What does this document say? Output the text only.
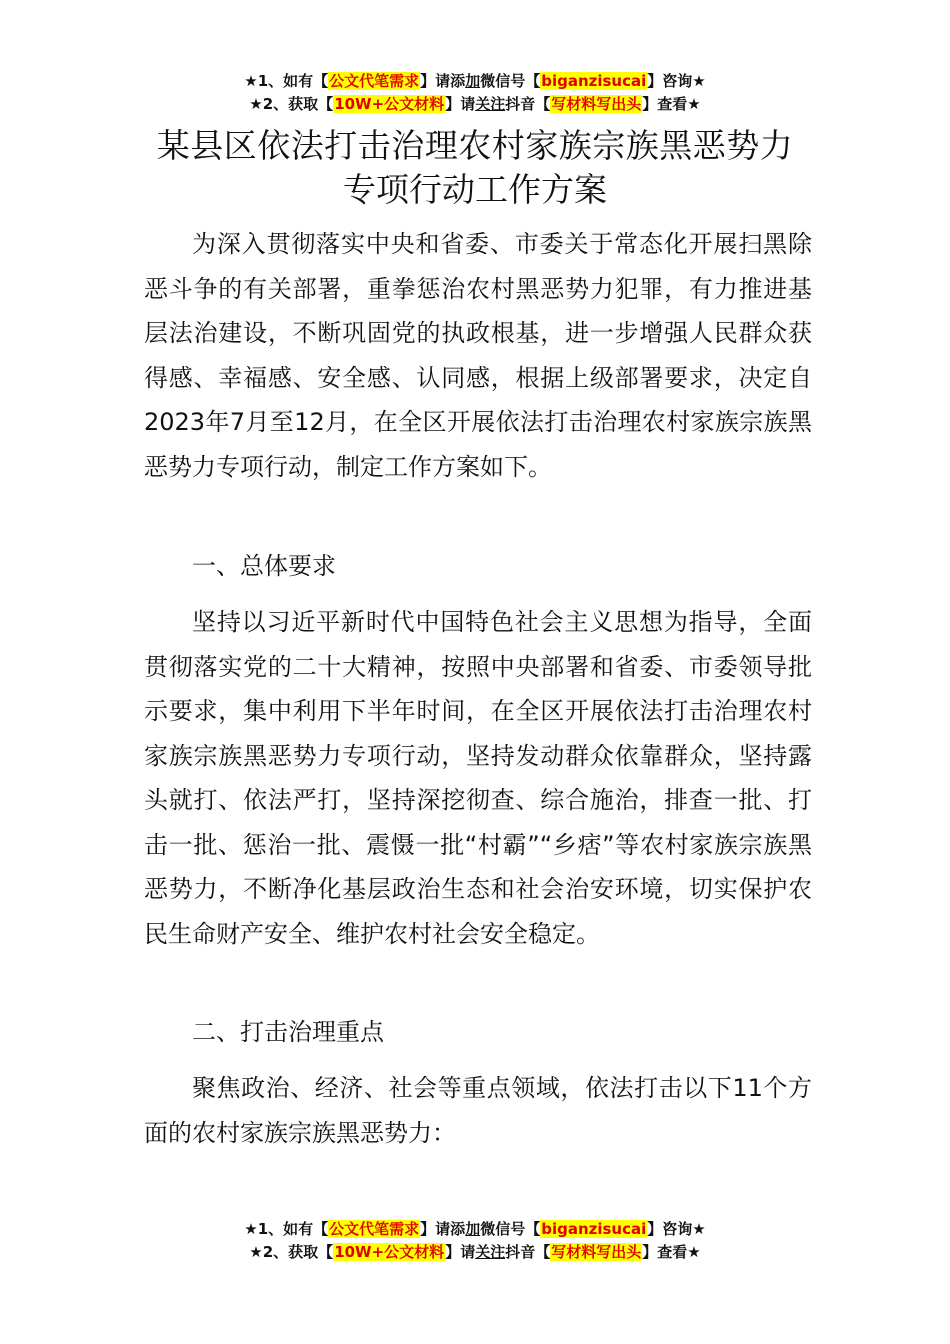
★1、如有【公文代笔需求】请添加微信号【biganzisucai】咨询★
★2、获取【10W+公文材料】请关注抖音【写材料写出头】查看★
某县区依法打击治理农村家族宗族黑恶势力
专项行动工作方案

为深入贯彻落实中央和省委、市委关于常态化开展扫黑除恶斗争的有关部署，重拳惩治农村黑恶势力犯罪，有力推进基层法治建设，不断巩固党的执政根基，进一步增强人民群众获得感、幸福感、安全感、认同感，根据上级部署要求，决定自2023年7月至12月，在全区开展依法打击治理农村家族宗族黑恶势力专项行动，制定工作方案如下。

一、总体要求

坚持以习近平新时代中国特色社会主义思想为指导，全面贯彻落实党的二十大精神，按照中央部署和省委、市委领导批示要求，集中利用下半年时间，在全区开展依法打击治理农村家族宗族黑恶势力专项行动，坚持发动群众依靠群众，坚持露头就打、依法严打，坚持深挖彻查、综合施治，排查一批、打击一批、惩治一批、震慑一批“村霸”“乡痞”等农村家族宗族黑恶势力，不断净化基层政治生态和社会治安环境，切实保护农民生命财产安全、维护农村社会安全稳定。

二、打击治理重点

聚焦政治、经济、社会等重点领域，依法打击以下11个方面的农村家族宗族黑恶势力：

★1、如有【公文代笔需求】请添加微信号【biganzisucai】咨询★
★2、获取【10W+公文材料】请关注抖音【写材料写出头】查看★
